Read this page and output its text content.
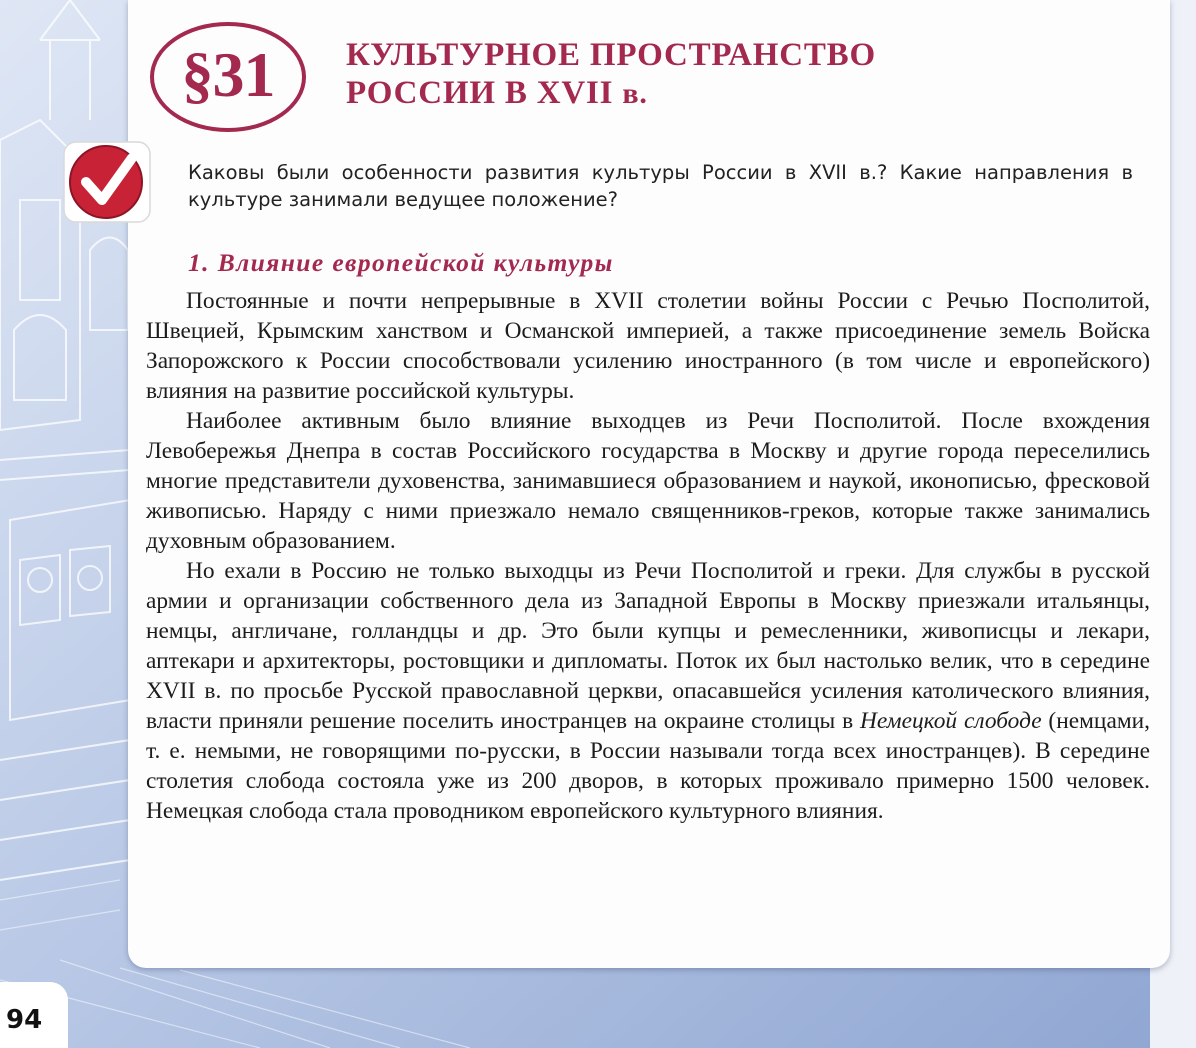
§31 КУЛЬТУРНОЕ ПРОСТРАНСТВО
РОССИИ В XVII в.
Каковы были особенности развития культуры России в XVII в.? Какие направления в культуре занимали ведущее положение?
1. Влияние европейской культуры

Постоянные и почти непрерывные в XVII столетии войны России с Речью Посполитой, Швецией, Крымским ханством и Османской империей, а также присоединение земель Войска Запорожского к России способствовали усилению иностранного (в том числе и европейского) влияния на развитие российской культуры.

Наиболее активным было влияние выходцев из Речи Посполитой. После вхождения Левобережья Днепра в состав Российского государства в Москву и другие города переселились многие представители духовенства, занимавшиеся образованием и наукой, иконописью, фресковой живописью. Наряду с ними приезжало немало священников-греков, которые также занимались духовным образованием.

Но ехали в Россию не только выходцы из Речи Посполитой и греки. Для службы в русской армии и организации собственного дела из Западной Европы в Москву приезжали итальянцы, немцы, англичане, голландцы и др. Это были купцы и ремесленники, живописцы и лекари, аптекари и архитекторы, ростовщики и дипломаты. Поток их был настолько велик, что в середине XVII в. по просьбе Русской православной церкви, опасавшейся усиления католического влияния, власти приняли решение поселить иностранцев на окраине столицы в Немецкой слободе (немцами, т. е. немыми, не говорящими по-русски, в России называли тогда всех иностранцев). В середине столетия слобода состояла уже из 200 дворов, в которых проживало примерно 1500 человек. Немецкая слобода стала проводником европейского культурного влияния.

94
